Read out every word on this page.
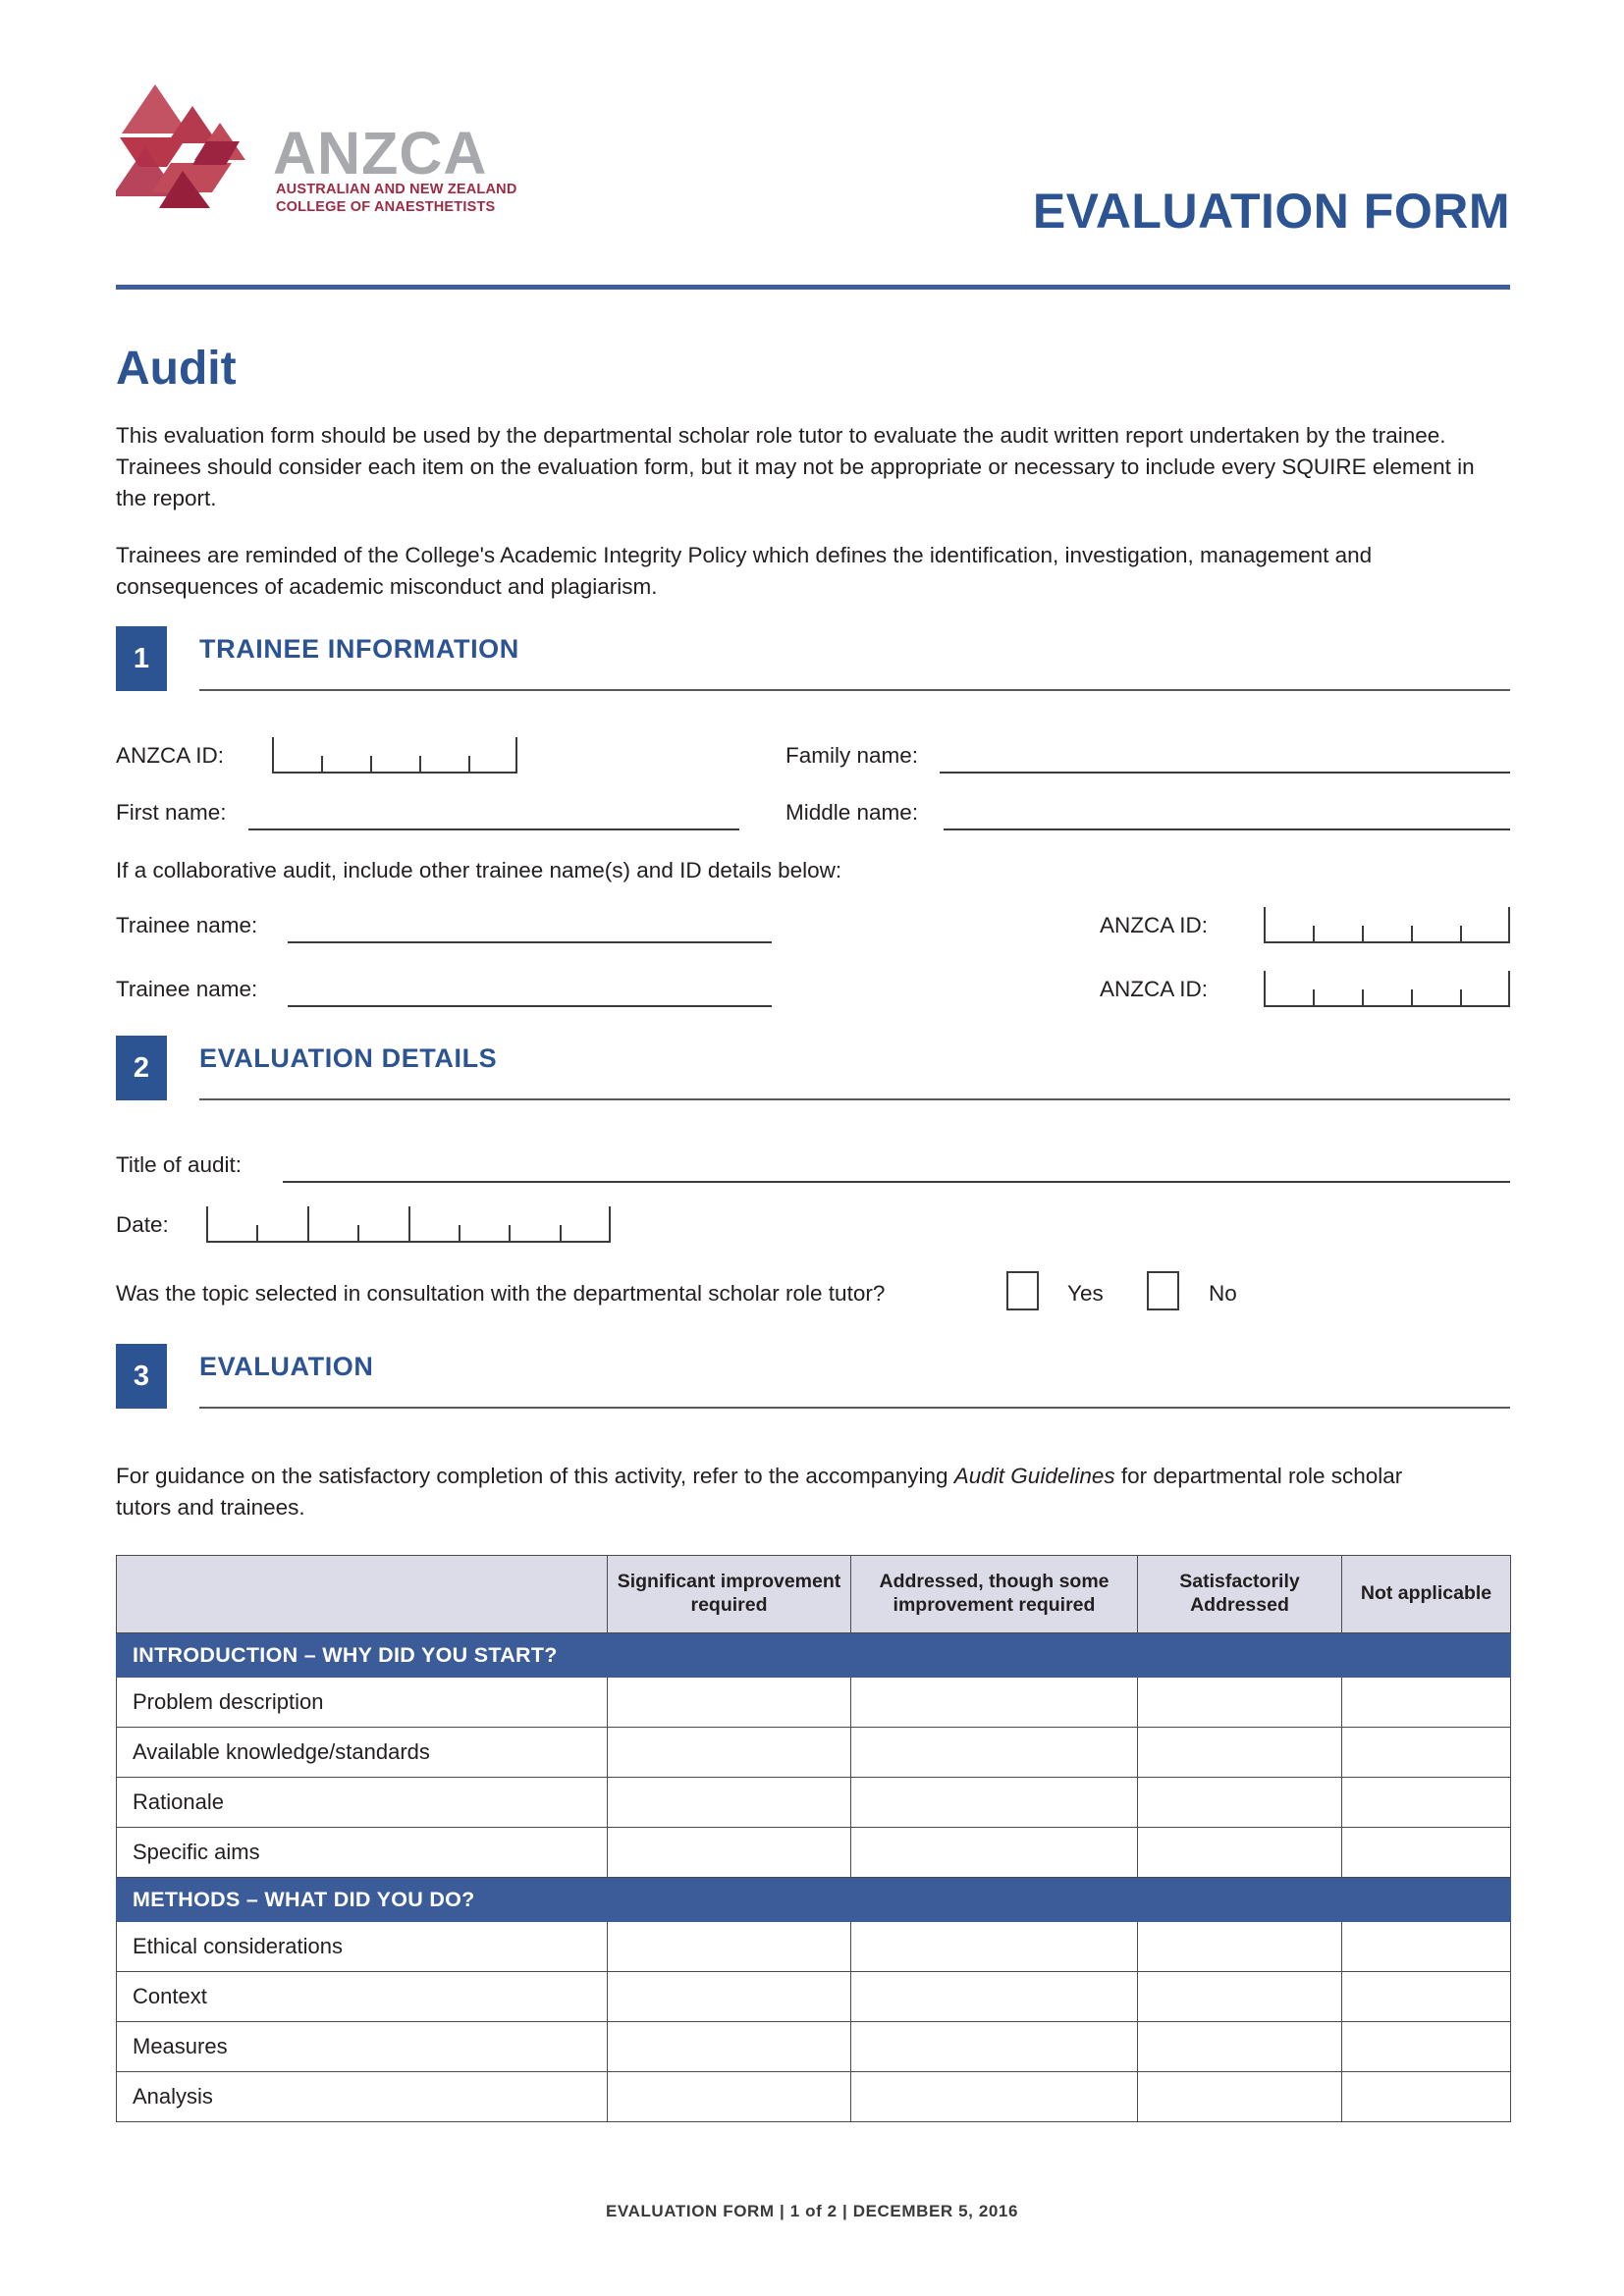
ANZCA
AUSTRALIAN AND NEW ZEALAND
COLLEGE OF ANAESTHETISTS	EVALUATION FORM
Audit
This evaluation form should be used by the departmental scholar role tutor to evaluate the audit written report undertaken by the trainee. Trainees should consider each item on the evaluation form, but it may not be appropriate or necessary to include every SQUIRE element in the report.
Trainees are reminded of the College's Academic Integrity Policy which defines the identification, investigation, management and consequences of academic misconduct and plagiarism.
1	TRAINEE INFORMATION
ANZCA ID:	Family name:
First name:	Middle name:
If a collaborative audit, include other trainee name(s) and ID details below:
Trainee name:	ANZCA ID:
Trainee name:	ANZCA ID:
2	EVALUATION DETAILS
Title of audit:
Date:
Was the topic selected in consultation with the departmental scholar role tutor?	Yes	No
3	EVALUATION
For guidance on the satisfactory completion of this activity, refer to the accompanying Audit Guidelines for departmental role scholar tutors and trainees.
	Significant improvement required	Addressed, though some improvement required	Satisfactorily Addressed	Not applicable
INTRODUCTION – WHY DID YOU START?				
Problem description				
Available knowledge/standards				
Rationale				
Specific aims				
METHODS – WHAT DID YOU DO?				
Ethical considerations				
Context				
Measures				
Analysis				
EVALUATION FORM | 1 of 2 | DECEMBER 5, 2016
